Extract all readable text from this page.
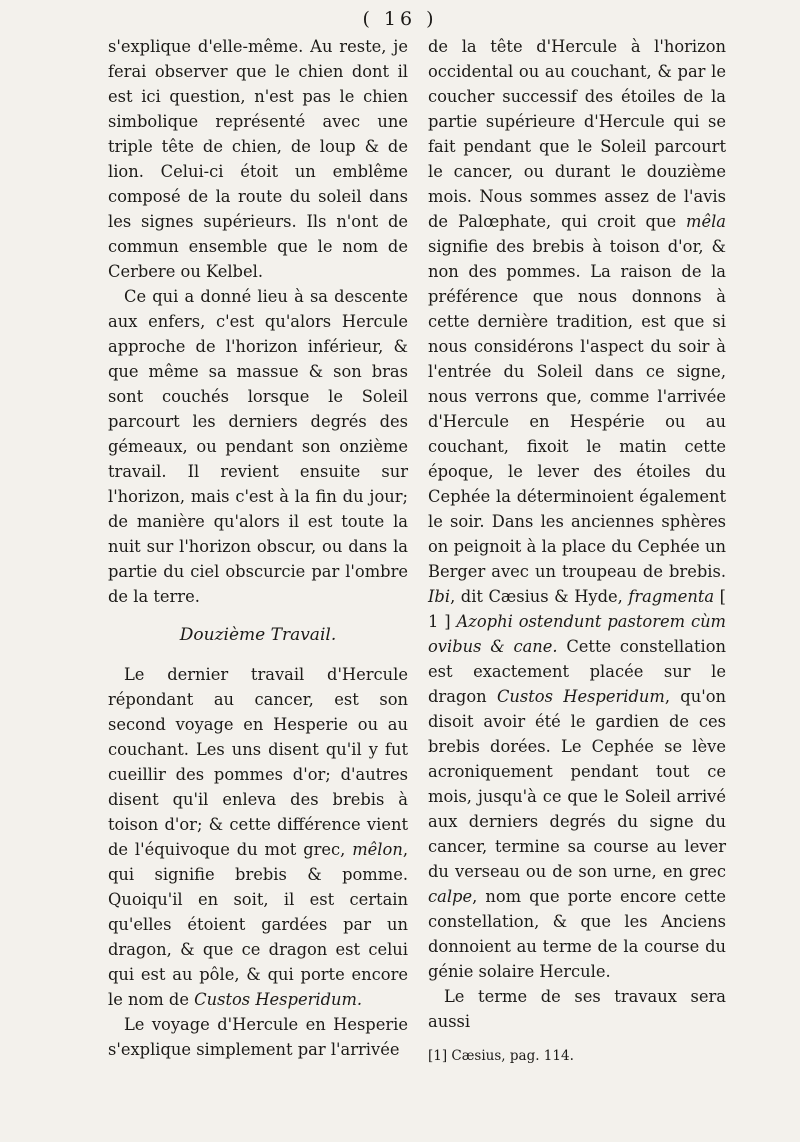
( 16 )

s'explique d'elle-même. Au reste, je ferai observer que le chien dont il est ici question, n'est pas le chien simbolique représenté avec une triple tête de chien, de loup & de lion. Celui-ci étoit un emblême composé de la route du soleil dans les signes supérieurs. Ils n'ont de commun ensemble que le nom de Cerbere ou Kelbel.

Ce qui a donné lieu à sa descente aux enfers, c'est qu'alors Hercule approche de l'horizon inférieur, & que même sa massue & son bras sont couchés lorsque le Soleil parcourt les derniers degrés des gémeaux, ou pendant son onzième travail. Il revient ensuite sur l'horizon, mais c'est à la fin du jour; de manière qu'alors il est toute la nuit sur l'horizon obscur, ou dans la partie du ciel obscurcie par l'ombre de la terre.

Douzième Travail.

Le dernier travail d'Hercule répondant au cancer, est son second voyage en Hesperie ou au couchant. Les uns disent qu'il y fut cueillir des pommes d'or; d'autres disent qu'il enleva des brebis à toison d'or; & cette différence vient de l'équivoque du mot grec, mêlon, qui signifie brebis & pomme. Quoiqu'il en soit, il est certain qu'elles étoient gardées par un dragon, & que ce dragon est celui qui est au pôle, & qui porte encore le nom de Custos Hesperidum.

Le voyage d'Hercule en Hesperie s'explique simplement par l'arrivée

de la tête d'Hercule à l'horizon occidental ou au couchant, & par le coucher successif des étoiles de la partie supérieure d'Hercule qui se fait pendant que le Soleil parcourt le cancer, ou durant le douzième mois. Nous sommes assez de l'avis de Palœphate, qui croit que mêla signifie des brebis à toison d'or, & non des pommes. La raison de la préférence que nous donnons à cette dernière tradition, est que si nous considérons l'aspect du soir à l'entrée du Soleil dans ce signe, nous verrons que, comme l'arrivée d'Hercule en Hespérie ou au couchant, fixoit le matin cette époque, le lever des étoiles du Cephée la déterminoient également le soir. Dans les anciennes sphères on peignoit à la place du Cephée un Berger avec un troupeau de brebis. Ibi, dit Cæsius & Hyde, fragmenta [ 1 ] Azophi ostendunt pastorem cùm ovibus & cane. Cette constellation est exactement placée sur le dragon Custos Hesperidum, qu'on disoit avoir été le gardien de ces brebis dorées. Le Cephée se lève acroniquement pendant tout ce mois, jusqu'à ce que le Soleil arrivé aux derniers degrés du signe du cancer, termine sa course au lever du verseau ou de son urne, en grec calpe, nom que porte encore cette constellation, & que les Anciens donnoient au terme de la course du génie solaire Hercule.

Le terme de ses travaux sera aussi

[1] Cæsius, pag. 114.
